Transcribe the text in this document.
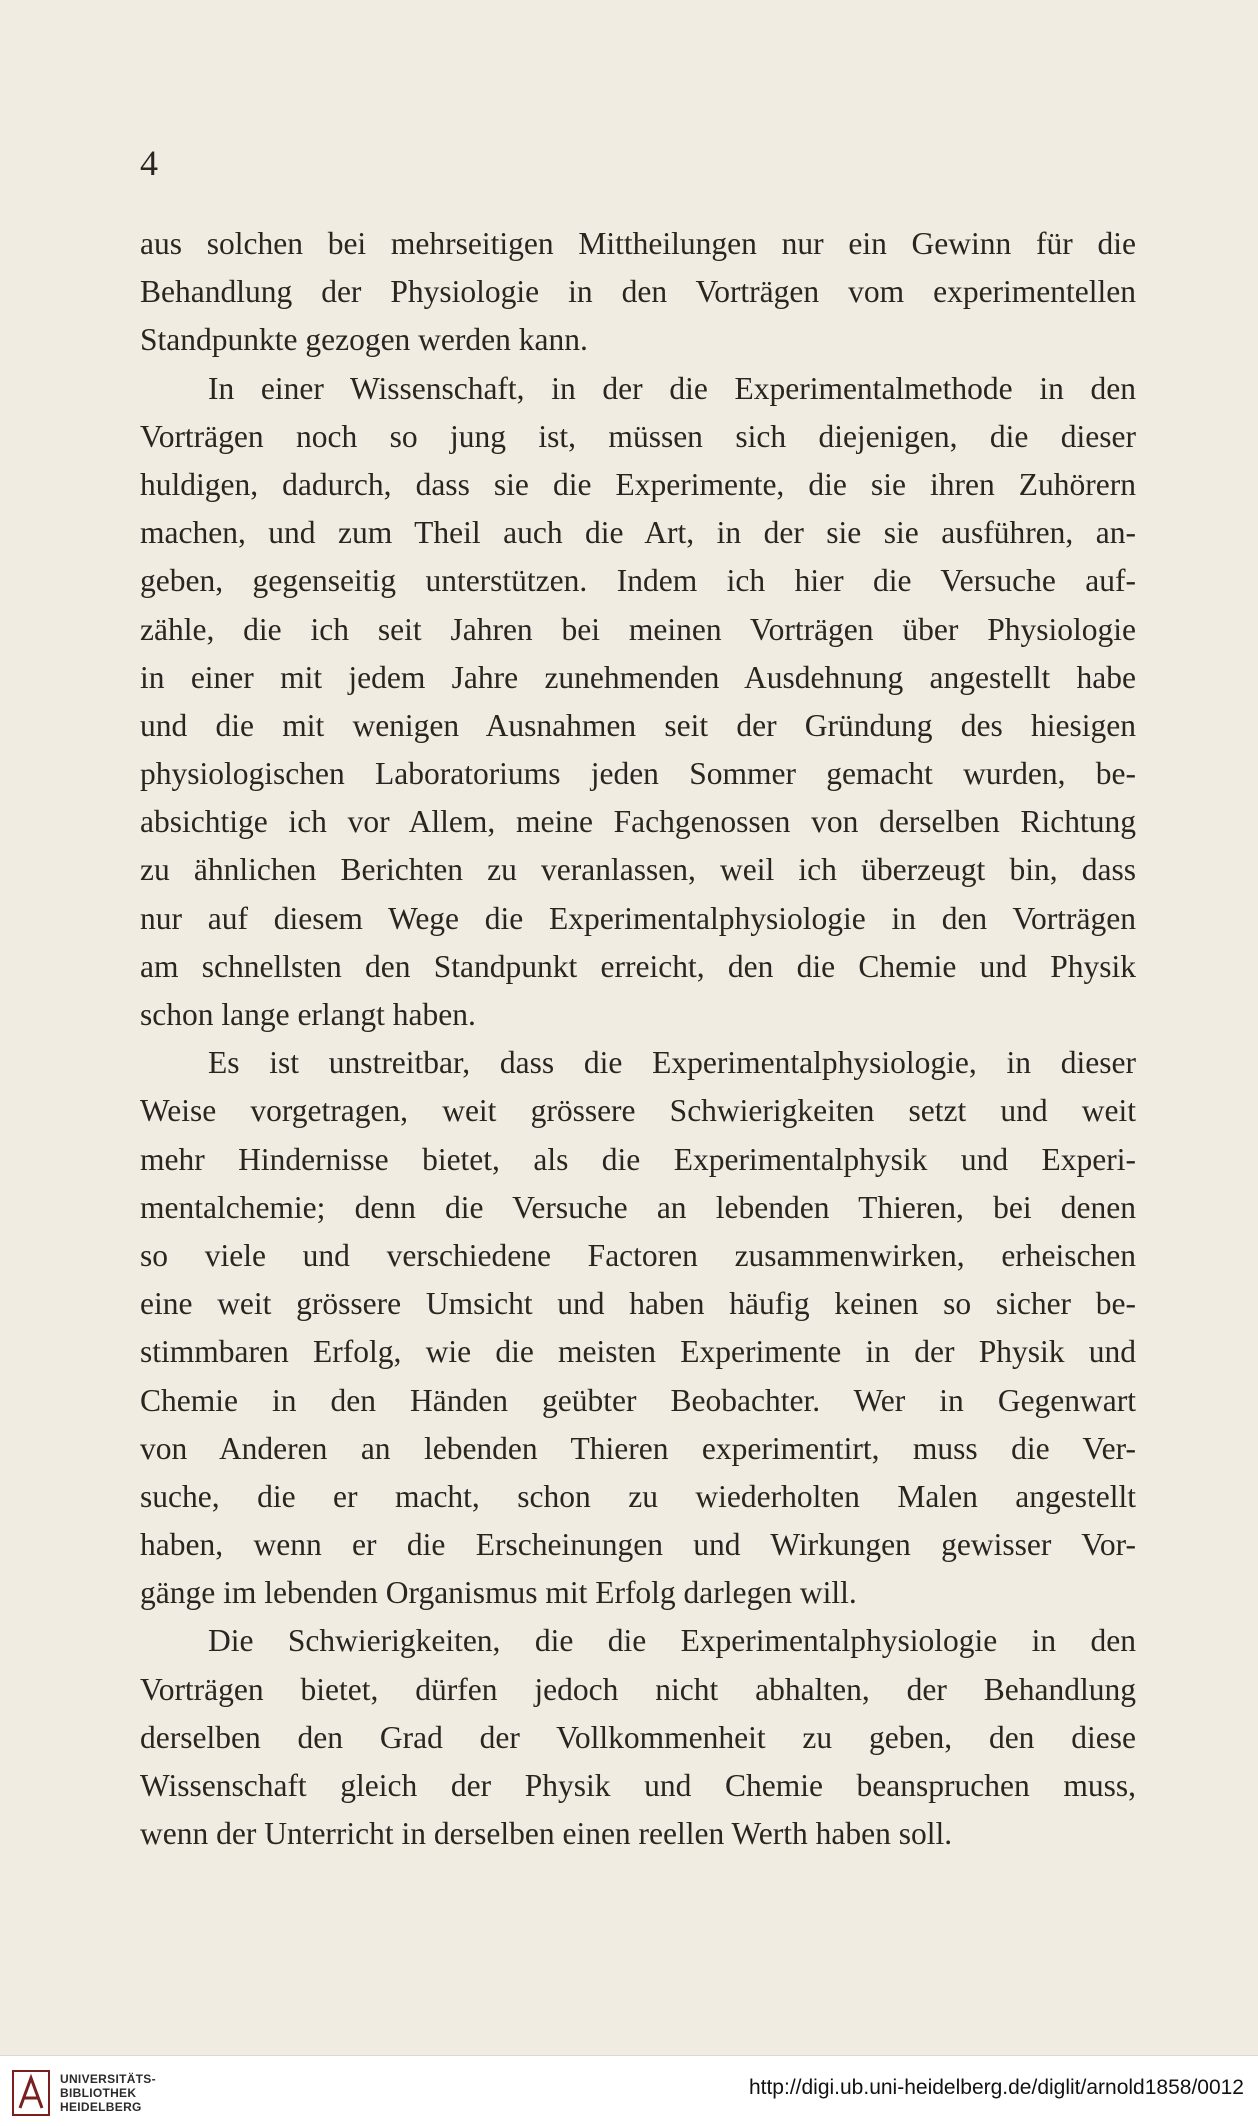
4
aus solchen bei mehrseitigen Mittheilungen nur ein Gewinn für die
Behandlung der Physiologie in den Vorträgen vom experimentellen
Standpunkte gezogen werden kann.
In einer Wissenschaft, in der die Experimentalmethode in den
Vorträgen noch so jung ist, müssen sich diejenigen, die dieser
huldigen, dadurch, dass sie die Experimente, die sie ihren Zuhörern
machen, und zum Theil auch die Art, in der sie sie ausführen, an-
geben, gegenseitig unterstützen. Indem ich hier die Versuche auf-
zähle, die ich seit Jahren bei meinen Vorträgen über Physiologie
in einer mit jedem Jahre zunehmenden Ausdehnung angestellt habe
und die mit wenigen Ausnahmen seit der Gründung des hiesigen
physiologischen Laboratoriums jeden Sommer gemacht wurden, be-
absichtige ich vor Allem, meine Fachgenossen von derselben Richtung
zu ähnlichen Berichten zu veranlassen, weil ich überzeugt bin, dass
nur auf diesem Wege die Experimentalphysiologie in den Vorträgen
am schnellsten den Standpunkt erreicht, den die Chemie und Physik
schon lange erlangt haben.
Es ist unstreitbar, dass die Experimentalphysiologie, in dieser
Weise vorgetragen, weit grössere Schwierigkeiten setzt und weit
mehr Hindernisse bietet, als die Experimentalphysik und Experi-
mentalchemie; denn die Versuche an lebenden Thieren, bei denen
so viele und verschiedene Factoren zusammenwirken, erheischen
eine weit grössere Umsicht und haben häufig keinen so sicher be-
stimmbaren Erfolg, wie die meisten Experimente in der Physik und
Chemie in den Händen geübter Beobachter. Wer in Gegenwart
von Anderen an lebenden Thieren experimentirt, muss die Ver-
suche, die er macht, schon zu wiederholten Malen angestellt
haben, wenn er die Erscheinungen und Wirkungen gewisser Vor-
gänge im lebenden Organismus mit Erfolg darlegen will.
Die Schwierigkeiten, die die Experimentalphysiologie in den
Vorträgen bietet, dürfen jedoch nicht abhalten, der Behandlung
derselben den Grad der Vollkommenheit zu geben, den diese
Wissenschaft gleich der Physik und Chemie beanspruchen muss,
wenn der Unterricht in derselben einen reellen Werth haben soll.
UNIVERSITÄTS-
BIBLIOTHEK
HEIDELBERG
http://digi.ub.uni-heidelberg.de/diglit/arnold1858/0012
